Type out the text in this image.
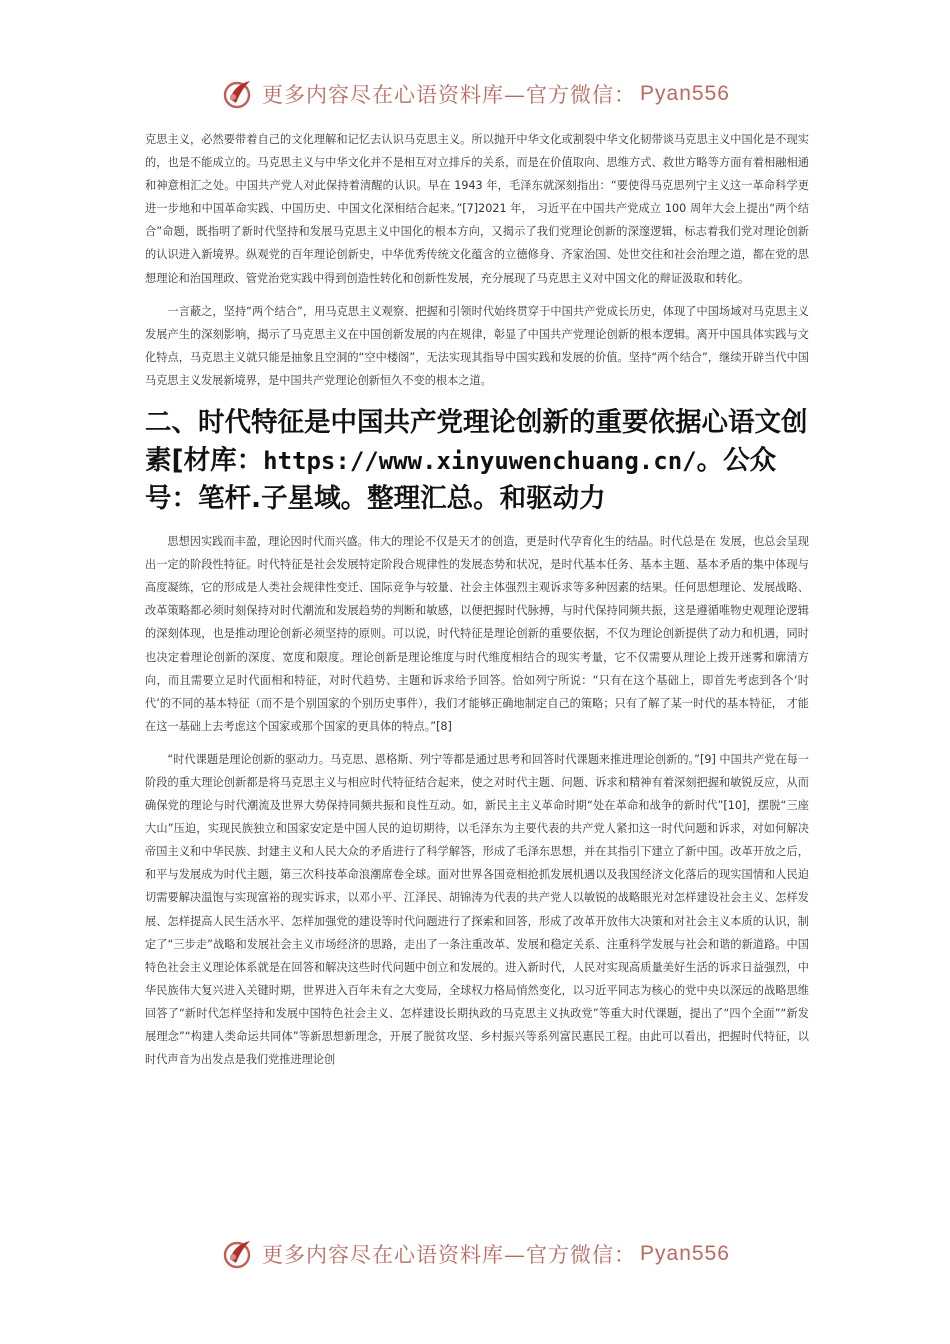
更多内容尽在心语资料库—官方微信： Pyan556

克思主义，必然要带着自己的文化理解和记忆去认识马克思主义。所以抛开中华文化或割裂中华文化韧带谈马克思主义中国化是不现实的，也是不能成立的。马克思主义与中华文化并不是相互对立排斥的关系，而是在价值取向、思维方式、救世方略等方面有着相融相通和神意相汇之处。中国共产党人对此保持着清醒的认识。早在 1943 年，毛泽东就深刻指出：“要使得马克思列宁主义这一革命科学更进一步地和中国革命实践、中国历史、中国文化深相结合起来。”[7]2021 年， 习近平在中国共产党成立 100 周年大会上提出“两个结合”命题，既指明了新时代坚持和发展马克思主义中国化的根本方向，又揭示了我们党理论创新的深邃逻辑，标志着我们党对理论创新的认识进入新境界。纵观党的百年理论创新史，中华优秀传统文化蕴含的立德修身、齐家治国、处世交往和社会治理之道，都在党的思想理论和治国理政、管党治党实践中得到创造性转化和创新性发展，充分展现了马克思主义对中国文化的辩证汲取和转化。

一言蔽之，坚持“两个结合”，用马克思主义观察、把握和引领时代始终贯穿于中国共产党成长历史，体现了中国场域对马克思主义发展产生的深刻影响，揭示了马克思主义在中国创新发展的内在规律，彰显了中国共产党理论创新的根本逻辑。离开中国具体实践与文化特点，马克思主义就只能是抽象且空洞的“空中楼阁”，无法实现其指导中国实践和发展的价值。坚持“两个结合”，继续开辟当代中国马克思主义发展新境界，是中国共产党理论创新恒久不变的根本之道。

二、时代特征是中国共产党理论创新的重要依据心语文创素[材库：https://www.xinyuwenchuang.cn/。公众号：笔杆.子星域。整理汇总。和驱动力

思想因实践而丰盈，理论因时代而兴盛。伟大的理论不仅是天才的创造，更是时代孕育化生的结晶。时代总是在 发展，也总会呈现出一定的阶段性特征。时代特征是社会发展特定阶段合规律性的发展态势和状况，是时代基本任务、基本主题、基本矛盾的集中体现与高度凝练，它的形成是人类社会规律性变迁、国际竞争与较量、社会主体强烈主观诉求等多种因素的结果。任何思想理论、发展战略、改革策略都必须时刻保持对时代潮流和发展趋势的判断和敏感，以便把握时代脉搏，与时代保持同频共振，这是遵循唯物史观理论逻辑的深刻体现，也是推动理论创新必须坚持的原则。可以说，时代特征是理论创新的重要依据，不仅为理论创新提供了动力和机遇，同时也决定着理论创新的深度、宽度和限度。理论创新是理论维度与时代维度相结合的现实考量，它不仅需要从理论上拨开迷雾和廓清方向，而且需要立足时代面相和特征，对时代趋势、主题和诉求给予回答。恰如列宁所说：“只有在这个基础上，即首先考虑到各个‘时代’的不同的基本特征（而不是个别国家的个别历史事件），我们才能够正确地制定自己的策略；只有了解了某一时代的基本特征， 才能在这一基础上去考虑这个国家或那个国家的更具体的特点。”[8]

“时代课题是理论创新的驱动力。马克思、恩格斯、列宁等都是通过思考和回答时代课题来推进理论创新的。”[9] 中国共产党在每一阶段的重大理论创新都是将马克思主义与相应时代特征结合起来，使之对时代主题、问题、诉求和精神有着深刻把握和敏锐反应，从而确保党的理论与时代潮流及世界大势保持同频共振和良性互动。如，新民主主义革命时期“处在革命和战争的新时代”[10]，摆脱“三座大山”压迫，实现民族独立和国家安定是中国人民的迫切期待，以毛泽东为主要代表的共产党人紧扣这一时代问题和诉求，对如何解决帝国主义和中华民族、封建主义和人民大众的矛盾进行了科学解答，形成了毛泽东思想，并在其指引下建立了新中国。改革开放之后，和平与发展成为时代主题，第三次科技革命浪潮席卷全球。面对世界各国竞相抢抓发展机遇以及我国经济文化落后的现实国情和人民迫切需要解决温饱与实现富裕的现实诉求，以邓小平、江泽民、胡锦涛为代表的共产党人以敏锐的战略眼光对怎样建设社会主义、怎样发展、怎样提高人民生活水平、怎样加强党的建设等时代问题进行了探索和回答，形成了改革开放伟大决策和对社会主义本质的认识，制定了“三步走”战略和发展社会主义市场经济的思路，走出了一条注重改革、发展和稳定关系、注重科学发展与社会和谐的新道路。中国特色社会主义理论体系就是在回答和解决这些时代问题中创立和发展的。进入新时代，人民对实现高质量美好生活的诉求日益强烈，中华民族伟大复兴进入关键时期，世界进入百年未有之大变局，全球权力格局悄然变化，以习近平同志为核心的党中央以深远的战略思维回答了“新时代怎样坚持和发展中国特色社会主义、怎样建设长期执政的马克思主义执政党”等重大时代课题，提出了“四个全面”“新发展理念”“构建人类命运共同体”等新思想新理念，开展了脱贫攻坚、乡村振兴等系列富民惠民工程。由此可以看出，把握时代特征，以时代声音为出发点是我们党推进理论创

更多内容尽在心语资料库—官方微信： Pyan556
